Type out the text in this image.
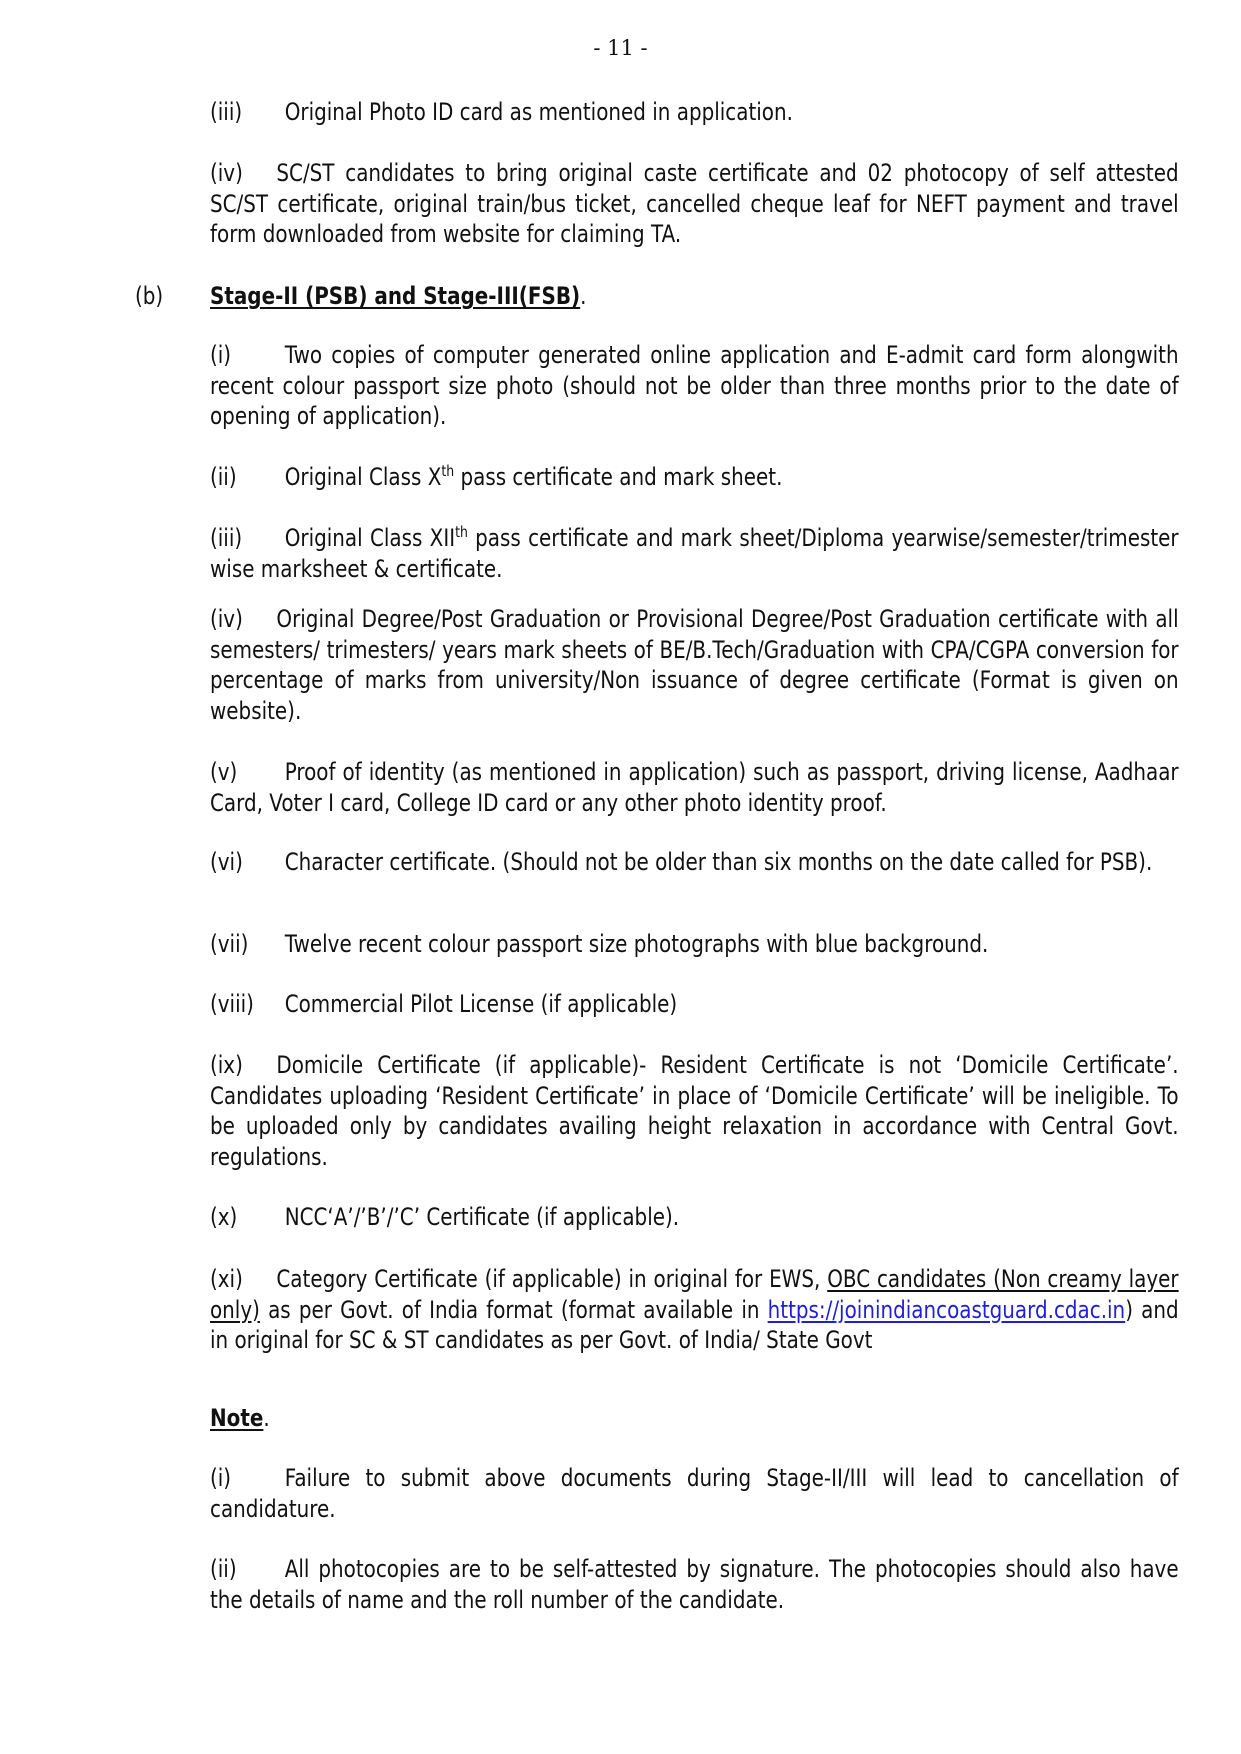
- 11 -
(iii) Original Photo ID card as mentioned in application.
(iv) SC/ST candidates to bring original caste certificate and 02 photocopy of self attested SC/ST certificate, original train/bus ticket, cancelled cheque leaf for NEFT payment and travel form downloaded from website for claiming TA.
(b) Stage-II (PSB) and Stage-III(FSB).
(i) Two copies of computer generated online application and E-admit card form alongwith recent colour passport size photo (should not be older than three months prior to the date of opening of application).
(ii) Original Class Xth pass certificate and mark sheet.
(iii) Original Class XIIth pass certificate and mark sheet/Diploma yearwise/semester/trimester wise marksheet & certificate.
(iv) Original Degree/Post Graduation or Provisional Degree/Post Graduation certificate with all semesters/ trimesters/ years mark sheets of BE/B.Tech/Graduation with CPA/CGPA conversion for percentage of marks from university/Non issuance of degree certificate (Format is given on website).
(v) Proof of identity (as mentioned in application) such as passport, driving license, Aadhaar Card, Voter I card, College ID card or any other photo identity proof.
(vi) Character certificate. (Should not be older than six months on the date called for PSB).
(vii) Twelve recent colour passport size photographs with blue background.
(viii) Commercial Pilot License (if applicable)
(ix) Domicile Certificate (if applicable)- Resident Certificate is not ‘Domicile Certificate’. Candidates uploading ‘Resident Certificate’ in place of ‘Domicile Certificate’ will be ineligible. To be uploaded only by candidates availing height relaxation in accordance with Central Govt. regulations.
(x) NCC‘A’/’B’/’C’ Certificate (if applicable).
(xi) Category Certificate (if applicable) in original for EWS, OBC candidates (Non creamy layer only) as per Govt. of India format (format available in https://joinindiancoastguard.cdac.in) and in original for SC & ST candidates as per Govt. of India/ State Govt
Note.
(i) Failure to submit above documents during Stage-II/III will lead to cancellation of candidature.
(ii) All photocopies are to be self-attested by signature. The photocopies should also have the details of name and the roll number of the candidate.
